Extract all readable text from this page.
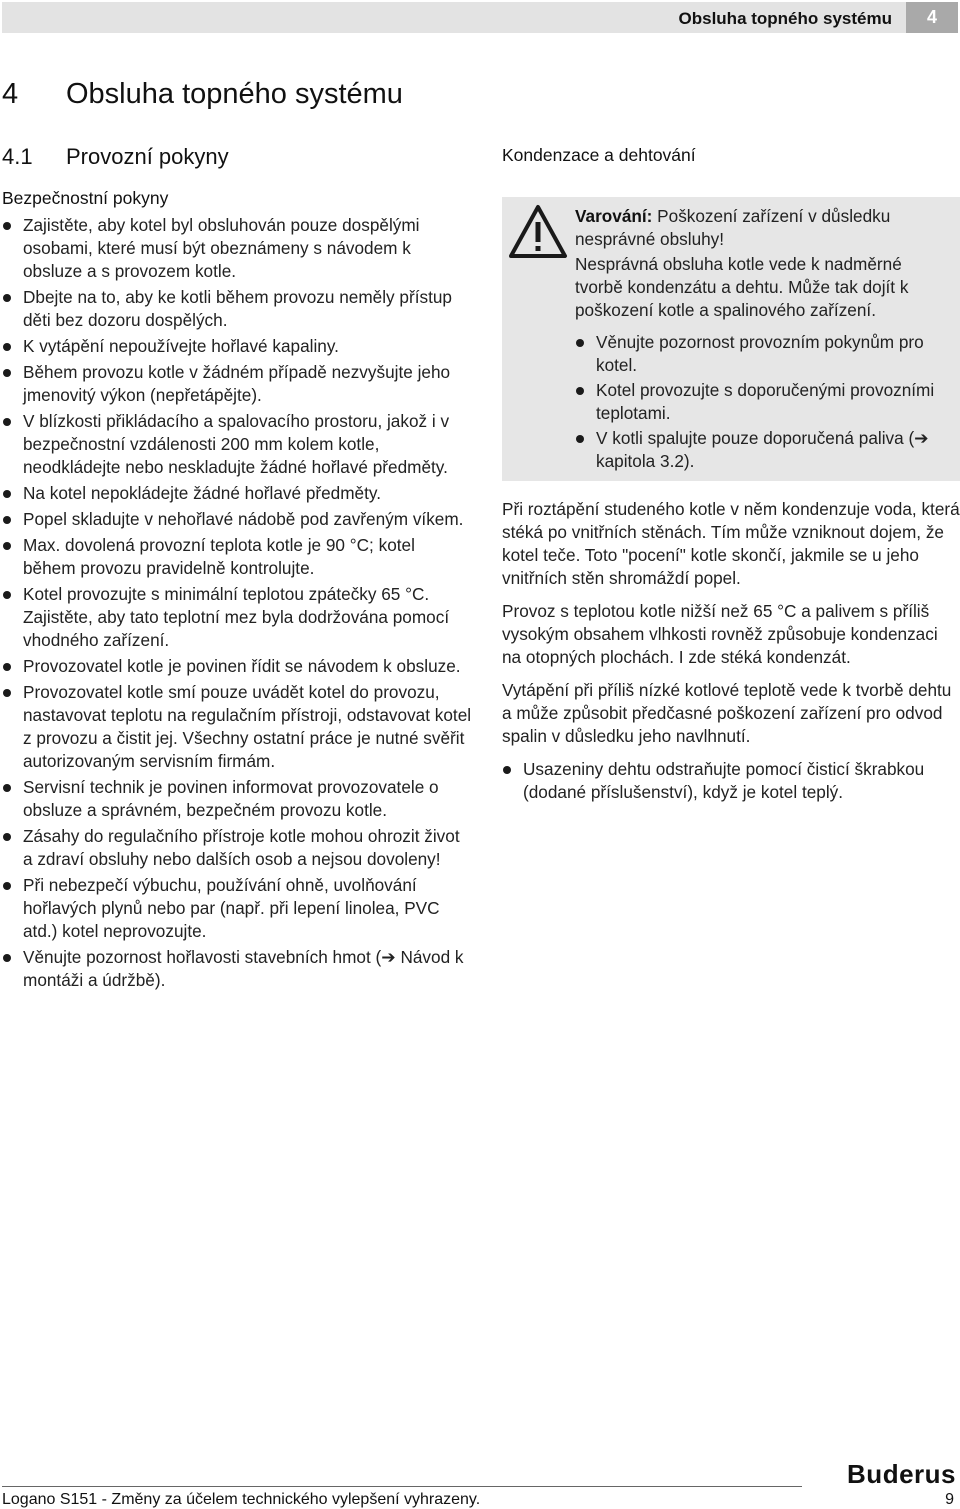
Obsluha topného systému	4
4 Obsluha topného systému
4.1 Provozní pokyny
Bezpečnostní pokyny
Zajistěte, aby kotel byl obsluhován pouze dospělými osobami, které musí být obeznámeny s návodem k obsluze a s provozem kotle.
Dbejte na to, aby ke kotli během provozu neměly přístup děti bez dozoru dospělých.
K vytápění nepoužívejte hořlavé kapaliny.
Během provozu kotle v žádném případě nezvyšujte jeho jmenovitý výkon (nepřetápějte).
V blízkosti přikládacího a spalovacího prostoru, jakož i v bezpečnostní vzdálenosti 200 mm kolem kotle, neodkládejte nebo neskladujte žádné hořlavé předměty.
Na kotel nepokládejte žádné hořlavé předměty.
Popel skladujte v nehořlavé nádobě pod zavřeným víkem.
Max. dovolená provozní teplota kotle je 90 °C; kotel během provozu pravidelně kontrolujte.
Kotel provozujte s minimální teplotou zpátečky 65 °C. Zajistěte, aby tato teplotní mez byla dodržována pomocí vhodného zařízení.
Provozovatel kotle je povinen řídit se návodem k obsluze.
Provozovatel kotle smí pouze uvádět kotel do provozu, nastavovat teplotu na regulačním přístroji, odstavovat kotel z provozu a čistit jej. Všechny ostatní práce je nutné svěřit autorizovaným servisním firmám.
Servisní technik je povinen informovat provozovatele o obsluze a správném, bezpečném provozu kotle.
Zásahy do regulačního přístroje kotle mohou ohrozit život a zdraví obsluhy nebo dalších osob a nejsou dovoleny!
Při nebezpečí výbuchu, používání ohně, uvolňování hořlavých plynů nebo par (např. při lepení linolea, PVC atd.) kotel neprovozujte.
Věnujte pozornost hořlavosti stavebních hmot (➔ Návod k montáži a údržbě).
Kondenzace a dehtování
Varování: Poškození zařízení v důsledku nesprávné obsluhy!
Nesprávná obsluha kotle vede k nadměrné tvorbě kondenzátu a dehtu. Může tak dojít k poškození kotle a spalinového zařízení.
Věnujte pozornost provozním pokynům pro kotel.
Kotel provozujte s doporučenými provozními teplotami.
V kotli spalujte pouze doporučená paliva (➔ kapitola 3.2).

Při roztápění studeného kotle v něm kondenzuje voda, která stéká po vnitřních stěnách. Tím může vzniknout dojem, že kotel teče. Toto "pocení" kotle skončí, jakmile se u jeho vnitřních stěn shromáždí popel.

Provoz s teplotou kotle nižší než 65 °C a palivem s příliš vysokým obsahem vlhkosti rovněž způsobuje kondenzaci na otopných plochách. I zde stéká kondenzát.

Vytápění při příliš nízké kotlové teplotě vede k tvorbě dehtu a může způsobit předčasné poškození zařízení pro odvod spalin v důsledku jeho navlhnutí.

Usazeniny dehtu odstraňujte pomocí čisticí škrabkou (dodané příslušenství), když je kotel teplý.
Buderus
Logano S151 - Změny za účelem technického vylepšení vyhrazeny.	9
